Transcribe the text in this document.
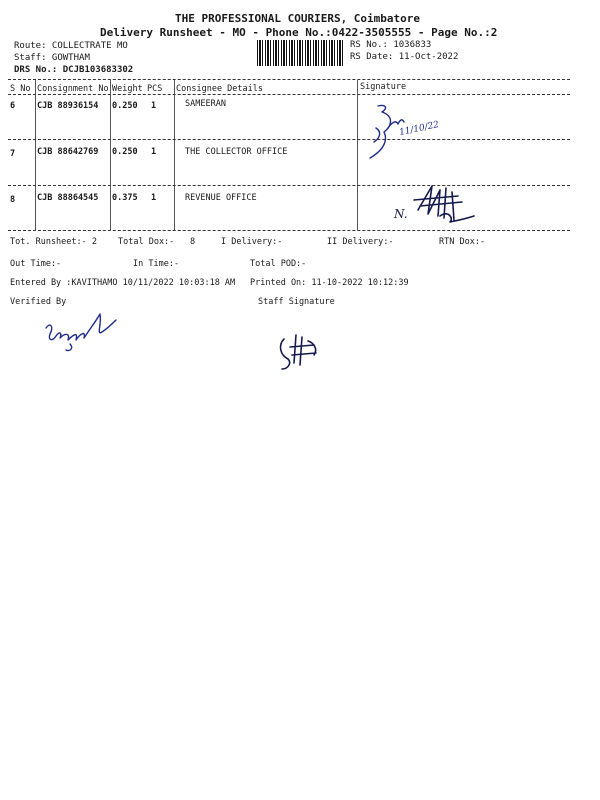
THE PROFESSIONAL COURIERS, Coimbatore
Delivery Runsheet - MO - Phone No.:0422-3505555 - Page No.:2
Route: COLLECTRATE MO
Staff: GOWTHAM
DRS No.: DCJB103683302
RS No.: 1036833
RS Date: 11-Oct-2022
S No Consignment No Weight PCS Consignee Details	Signature
6	CJB 88936154 0.250 1	SAMEERAN
7	CJB 88642769 0.250 1	THE COLLECTOR OFFICE
8	CJB 88864545 0.375 1	REVENUE OFFICE
11/10/22
N.
Tot. Runsheet:- 2 Total Dox:- 8	I Delivery:-	II Delivery:-	RTN Dox:-
Out Time:-	In Time:-	Total POD:-
Entered By :KAVITHAMO 10/11/2022 10:03:18 AM Printed On: 11-10-2022 10:12:39
Verified By	Staff Signature
